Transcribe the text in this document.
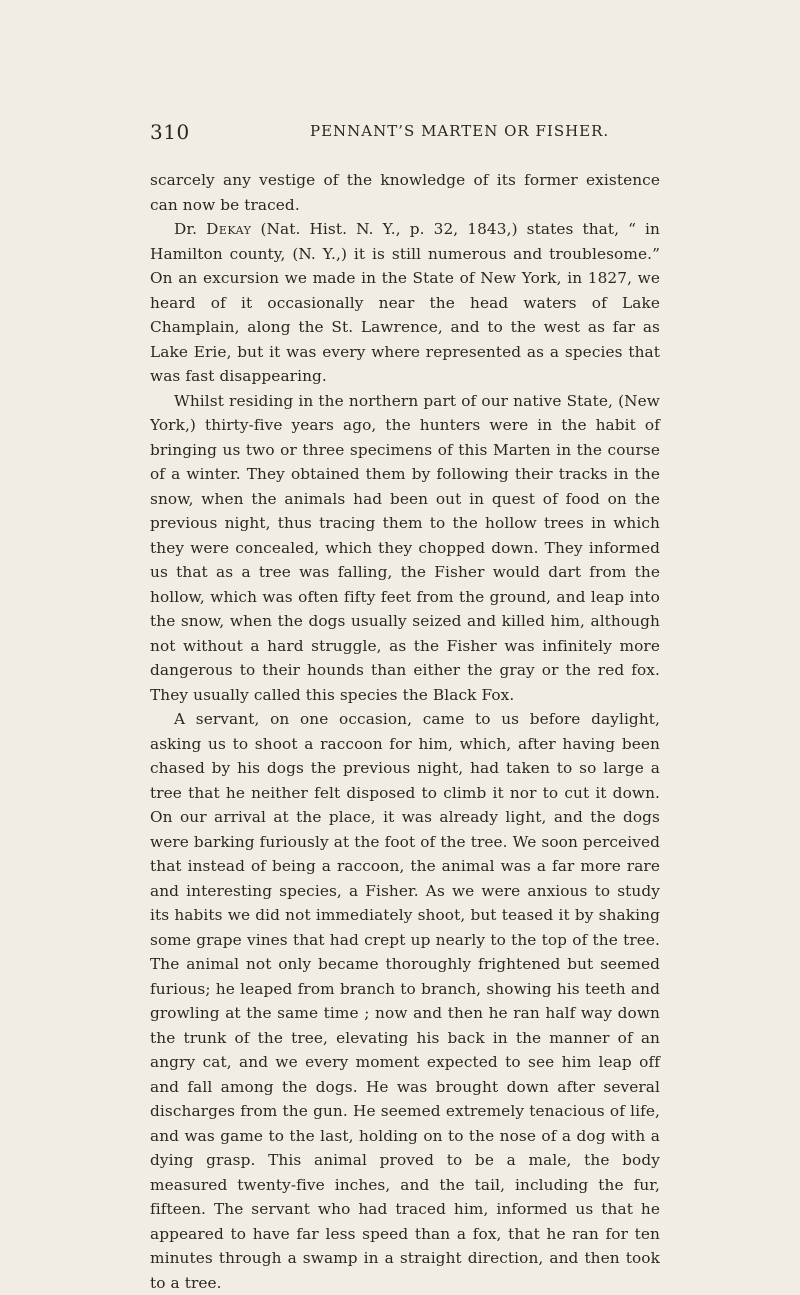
310	PENNANT’S MARTEN OR FISHER.

scarcely any vestige of the knowledge of its former existence can now be traced.

Dr. Dekay (Nat. Hist. N. Y., p. 32, 1843,) states that, “ in Hamilton county, (N. Y.,) it is still numerous and troublesome.” On an excursion we made in the State of New York, in 1827, we heard of it occasionally near the head waters of Lake Champlain, along the St. Lawrence, and to the west as far as Lake Erie, but it was every where represented as a species that was fast disappearing.

Whilst residing in the northern part of our native State, (New York,) thirty-five years ago, the hunters were in the habit of bringing us two or three specimens of this Marten in the course of a winter. They obtained them by following their tracks in the snow, when the animals had been out in quest of food on the previous night, thus tracing them to the hollow trees in which they were concealed, which they chopped down. They informed us that as a tree was falling, the Fisher would dart from the hollow, which was often fifty feet from the ground, and leap into the snow, when the dogs usually seized and killed him, although not without a hard struggle, as the Fisher was infinitely more dangerous to their hounds than either the gray or the red fox. They usually called this species the Black Fox.

A servant, on one occasion, came to us before daylight, asking us to shoot a raccoon for him, which, after having been chased by his dogs the previous night, had taken to so large a tree that he neither felt disposed to climb it nor to cut it down. On our arrival at the place, it was already light, and the dogs were barking furiously at the foot of the tree. We soon perceived that instead of being a raccoon, the animal was a far more rare and interesting species, a Fisher. As we were anxious to study its habits we did not immediately shoot, but teased it by shaking some grape vines that had crept up nearly to the top of the tree. The animal not only became thoroughly frightened but seemed furious; he leaped from branch to branch, showing his teeth and growling at the same time ; now and then he ran half way down the trunk of the tree, elevating his back in the manner of an angry cat, and we every moment expected to see him leap off and fall among the dogs. He was brought down after several discharges from the gun. He seemed extremely tenacious of life, and was game to the last, holding on to the nose of a dog with a dying grasp. This animal proved to be a male, the body measured twenty-five inches, and the tail, including the fur, fifteen. The servant who had traced him, informed us that he appeared to have far less speed than a fox, that he ran for ten minutes through a swamp in a straight direction, and then took to a tree.
